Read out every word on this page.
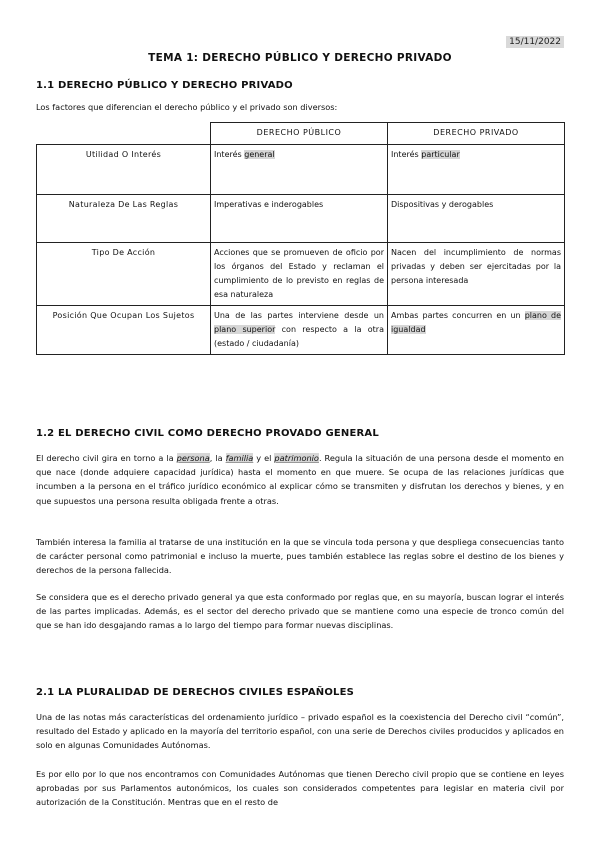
15/11/2022
TEMA 1: DERECHO PÚBLICO Y DERECHO PRIVADO
1.1 DERECHO PÚBLICO Y DERECHO PRIVADO

Los factores que diferencian el derecho público y el privado son diversos:

	DERECHO PÚBLICO	DERECHO PRIVADO
Utilidad O Interés	Interés general	Interés particular
Naturaleza De Las Reglas	Imperativas e inderogables	Dispositivas y derogables
Tipo De Acción	Acciones que se promueven de oficio por los órganos del Estado y reclaman el cumplimiento de lo previsto en reglas de esa naturaleza	Nacen del incumplimiento de normas privadas y deben ser ejercitadas por la persona interesada
Posición Que Ocupan Los Sujetos	Una de las partes interviene desde un plano superior con respecto a la otra (estado / ciudadanía)	Ambas partes concurren en un plano de igualdad
1.2 EL DERECHO CIVIL COMO DERECHO PROVADO GENERAL

El derecho civil gira en torno a la persona, la familia y el patrimonio. Regula la situación de una persona desde el momento en que nace (donde adquiere capacidad jurídica) hasta el momento en que muere. Se ocupa de las relaciones jurídicas que incumben a la persona en el tráfico jurídico económico al explicar cómo se transmiten y disfrutan los derechos y bienes, y en que supuestos una persona resulta obligada frente a otras.

También interesa la familia al tratarse de una institución en la que se vincula toda persona y que despliega consecuencias tanto de carácter personal como patrimonial e incluso la muerte, pues también establece las reglas sobre el destino de los bienes y derechos de la persona fallecida.

Se considera que es el derecho privado general ya que esta conformado por reglas que, en su mayoría, buscan lograr el interés de las partes implicadas. Además, es el sector del derecho privado que se mantiene como una especie de tronco común del que se han ido desgajando ramas a lo largo del tiempo para formar nuevas disciplinas.

2.1 LA PLURALIDAD DE DERECHOS CIVILES ESPAÑOLES

Una de las notas más características del ordenamiento jurídico – privado español es la coexistencia del Derecho civil “común”, resultado del Estado y aplicado en la mayoría del territorio español, con una serie de Derechos civiles producidos y aplicados en solo en algunas Comunidades Autónomas.

Es por ello por lo que nos encontramos con Comunidades Autónomas que tienen Derecho civil propio que se contiene en leyes aprobadas por sus Parlamentos autonómicos, los cuales son considerados competentes para legislar en materia civil por autorización de la Constitución. Mentras que en el resto de
